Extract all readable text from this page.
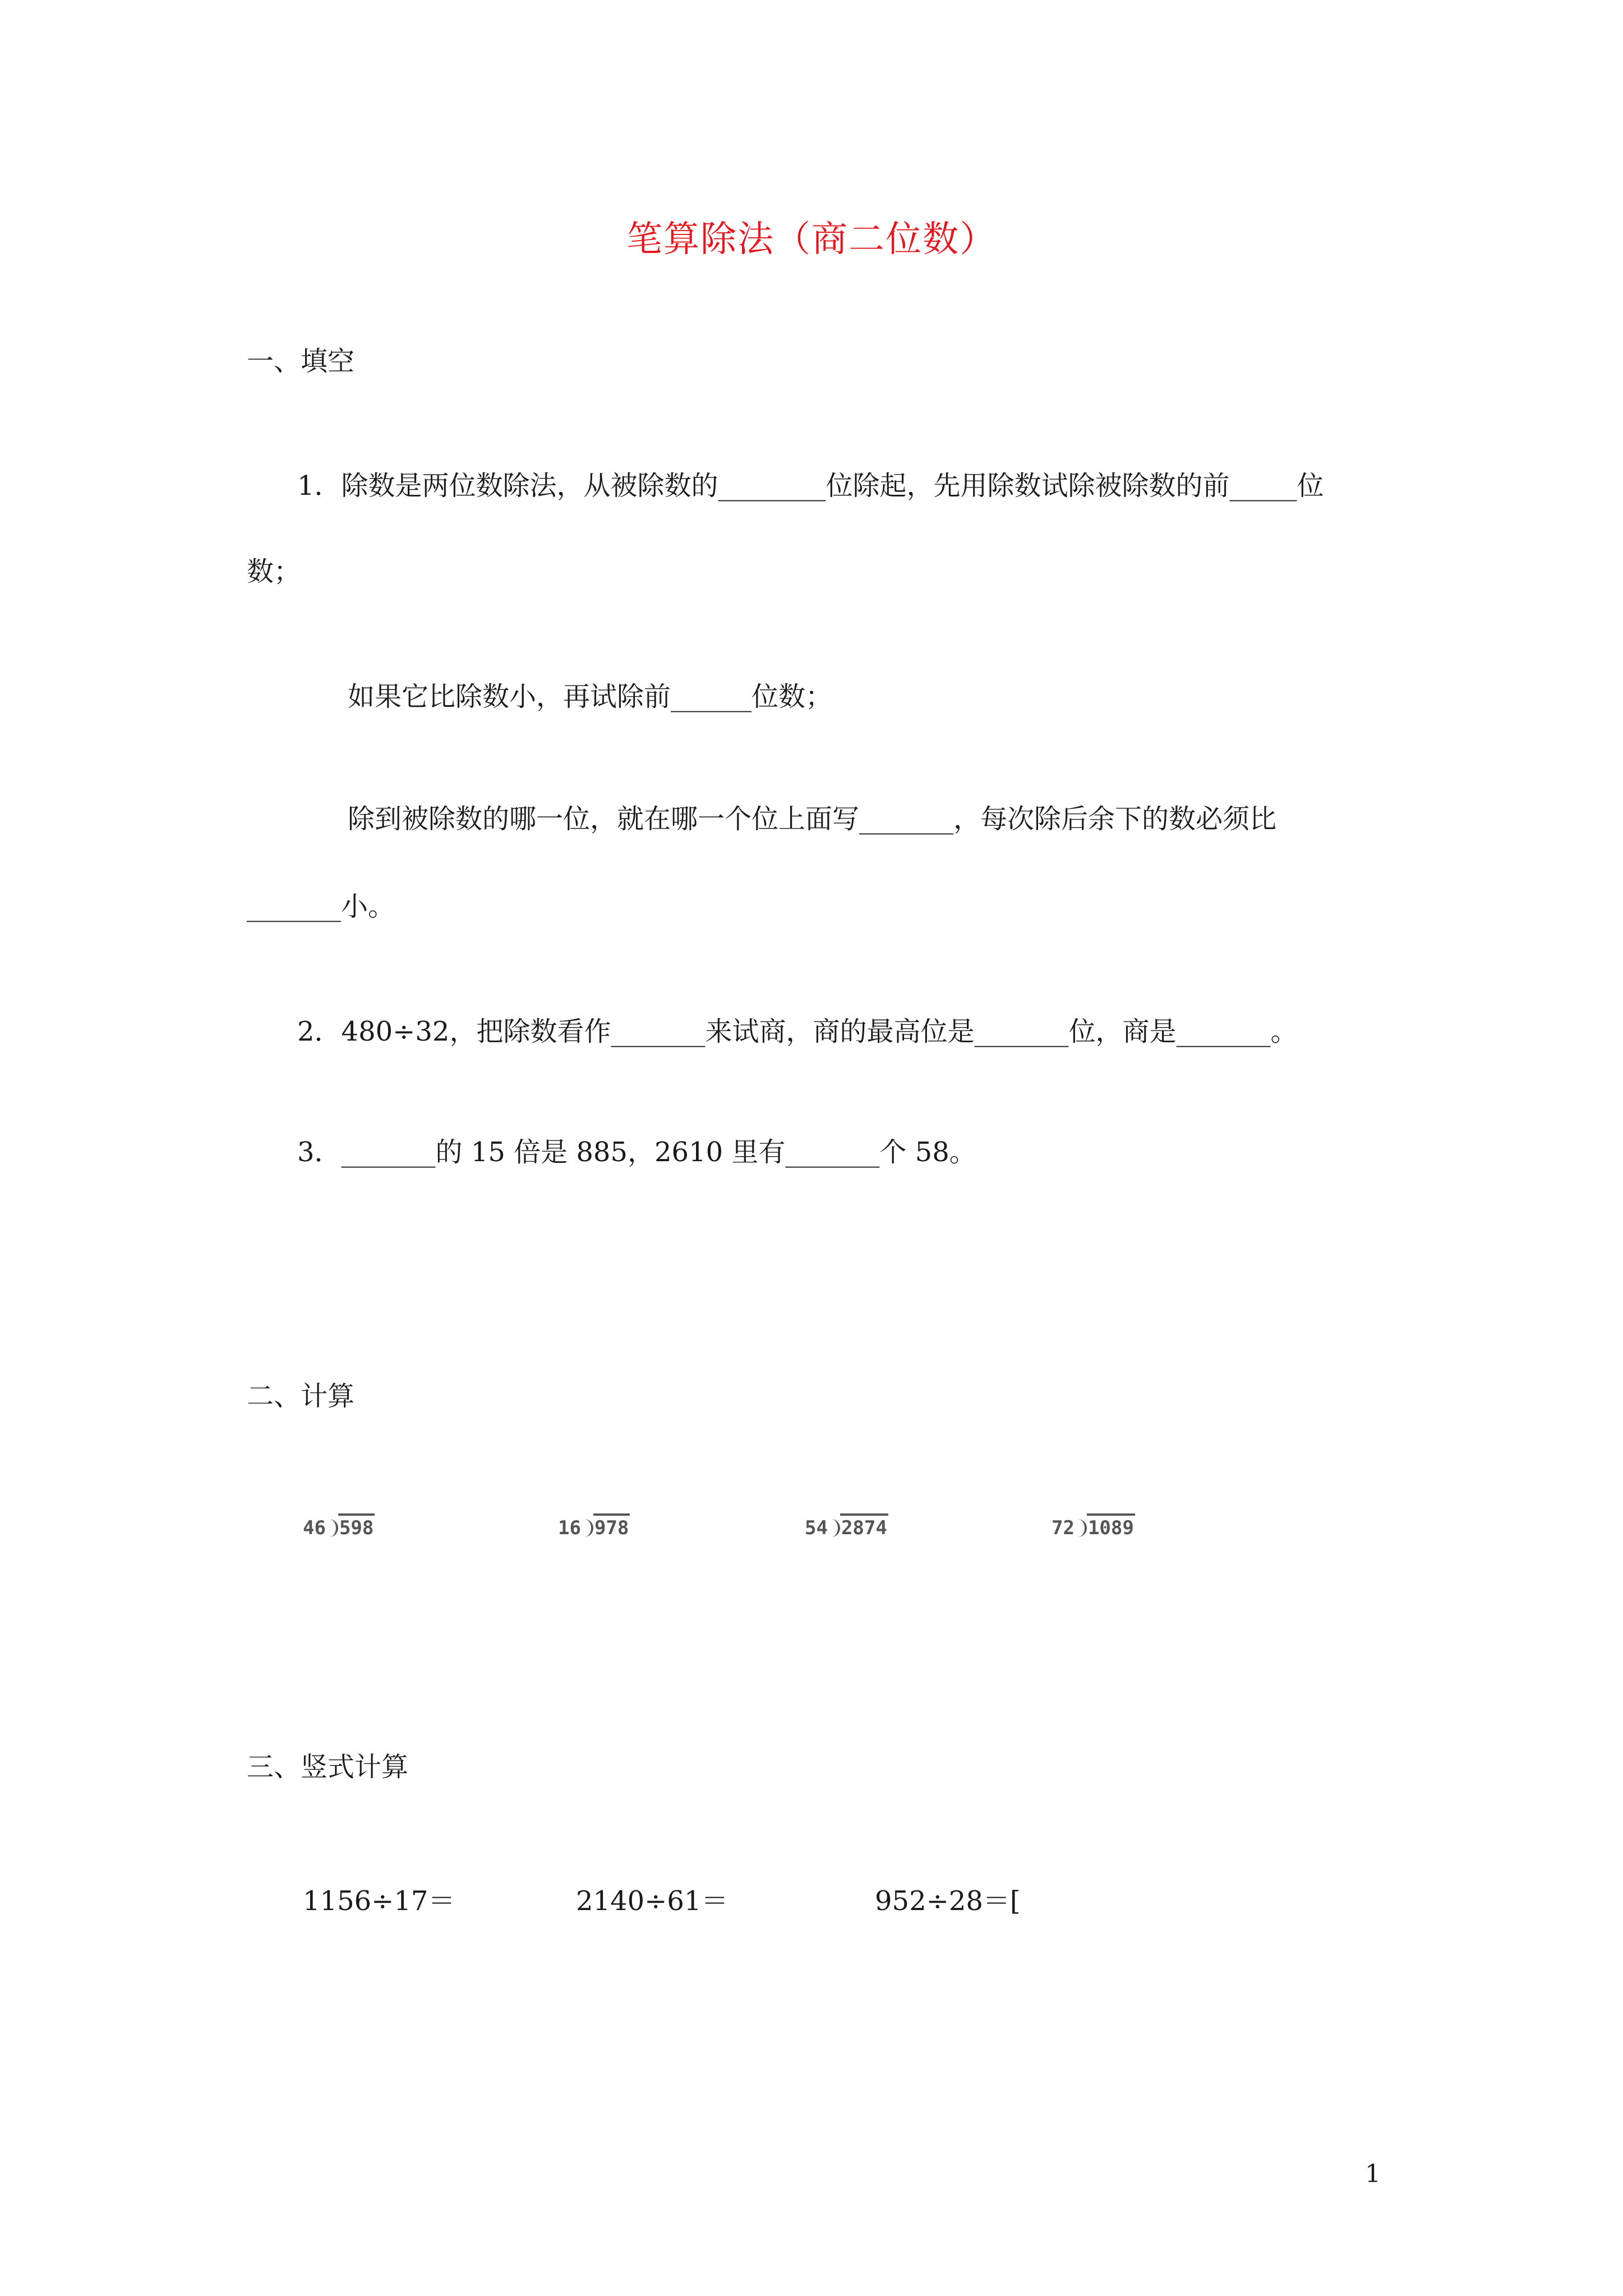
笔算除法（商二位数）
一、填空
1．除数是两位数除法，从被除数的________位除起，先用除数试除被除数的前_____位
数；
如果它比除数小，再试除前______位数；
除到被除数的哪一位，就在哪一个位上面写_______，每次除后余下的数必须比
_______小。
2．480÷32，把除数看作_______来试商，商的最高位是_______位，商是_______。
3．_______的 15 倍是 885，2610 里有_______个 58。
二、计算
46 598	16 978	54 2874	72 1089
三、竖式计算
1156÷17＝	2140÷61＝	952÷28＝[
1
